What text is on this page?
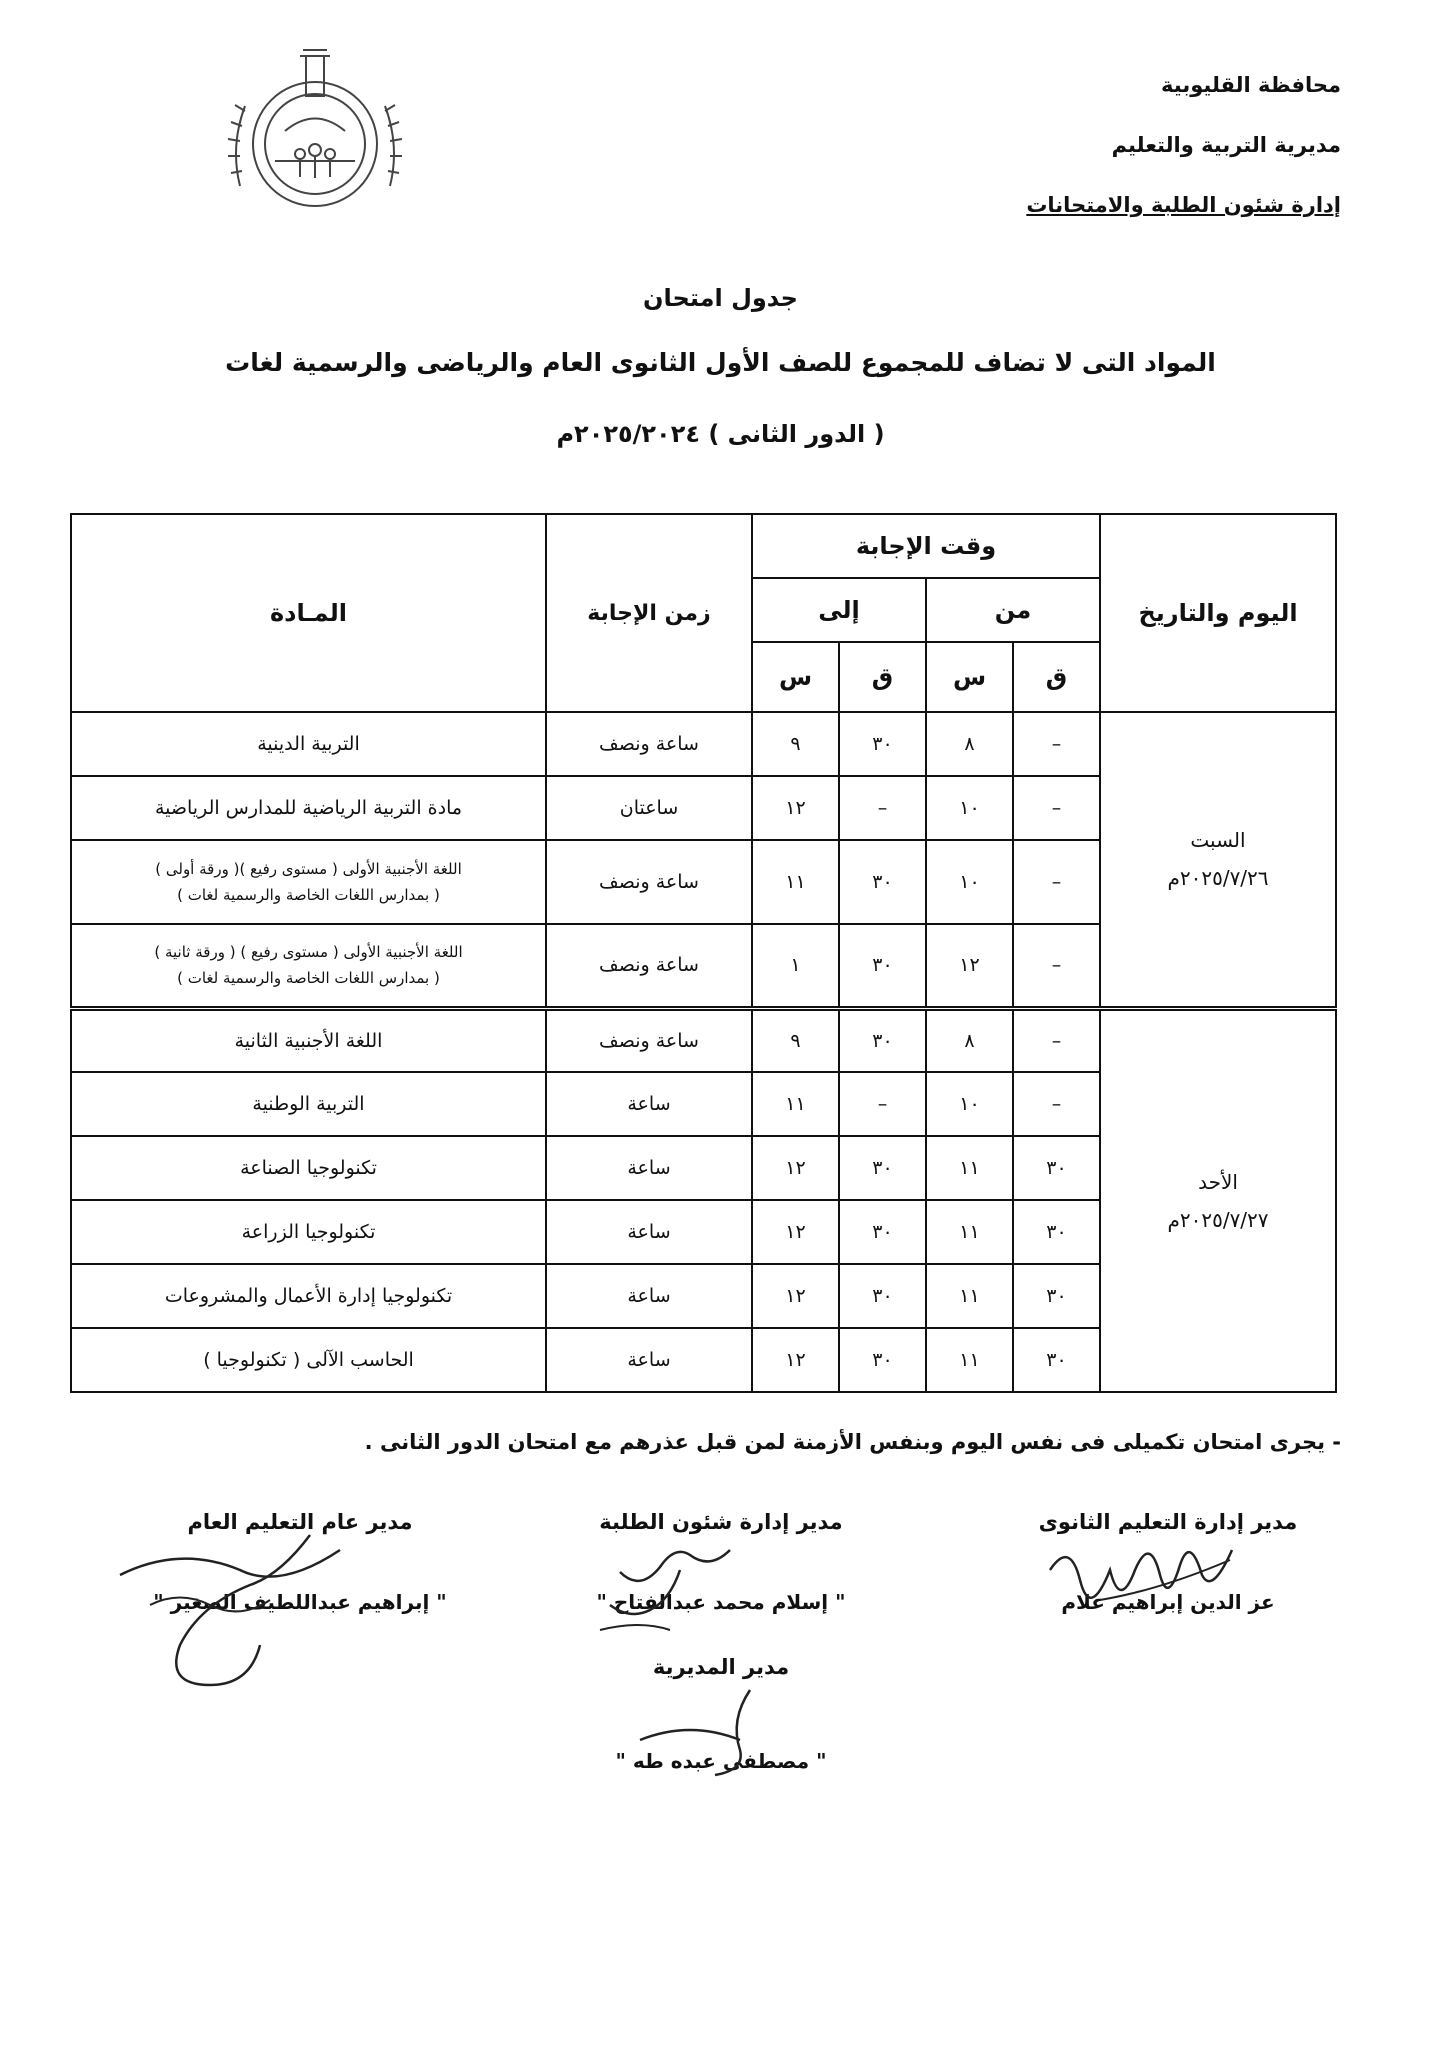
محافظة القليوبية
مديرية التربية والتعليم
إدارة شئون الطلبة والامتحانات
جدول امتحان
المواد التى لا تضاف للمجموع للصف الأول الثانوى العام والرياضى والرسمية لغات
( الدور الثانى ) ٢٠٢٥/٢٠٢٤م
اليوم والتاريخ	وقت الإجابة				زمن الإجابة	المـادة
	من		إلى			
	ق	س	ق	س		

السبت
٢٠٢٥/٧/٢٦م	–	٨	٣٠	٩	ساعة ونصف	التربية الدينية
	–	١٠	–	١٢	ساعتان	مادة التربية الرياضية للمدارس الرياضية
	–	١٠	٣٠	١١	ساعة ونصف	اللغة الأجنبية الأولى ( مستوى رفيع )( ورقة أولى )
( بمدارس اللغات الخاصة والرسمية لغات )

	–	١٢	٣٠	١	ساعة ونصف	اللغة الأجنبية الأولى ( مستوى رفيع ) ( ورقة ثانية )
( بمدارس اللغات الخاصة والرسمية لغات )

الأحد
٢٠٢٥/٧/٢٧م	–	٨	٣٠	٩	ساعة ونصف	اللغة الأجنبية الثانية
	–	١٠	–	١١	ساعة	التربية الوطنية
	٣٠	١١	٣٠	١٢	ساعة	تكنولوجيا الصناعة
	٣٠	١١	٣٠	١٢	ساعة	تكنولوجيا الزراعة
	٣٠	١١	٣٠	١٢	ساعة	تكنولوجيا إدارة الأعمال والمشروعات
	٣٠	١١	٣٠	١٢	ساعة	الحاسب الآلى ( تكنولوجيا )
- يجرى امتحان تكميلى فى نفس اليوم وبنفس الأزمنة لمن قبل عذرهم مع امتحان الدور الثانى .
مدير إدارة التعليم الثانوى
عز الدين إبراهيم علام
مدير إدارة شئون الطلبة
" إسلام محمد عبدالفتاح "
مدير عام التعليم العام
" إبراهيم عبداللطيف الصغير "
مدير المديرية
" مصطفى عبده طه "
